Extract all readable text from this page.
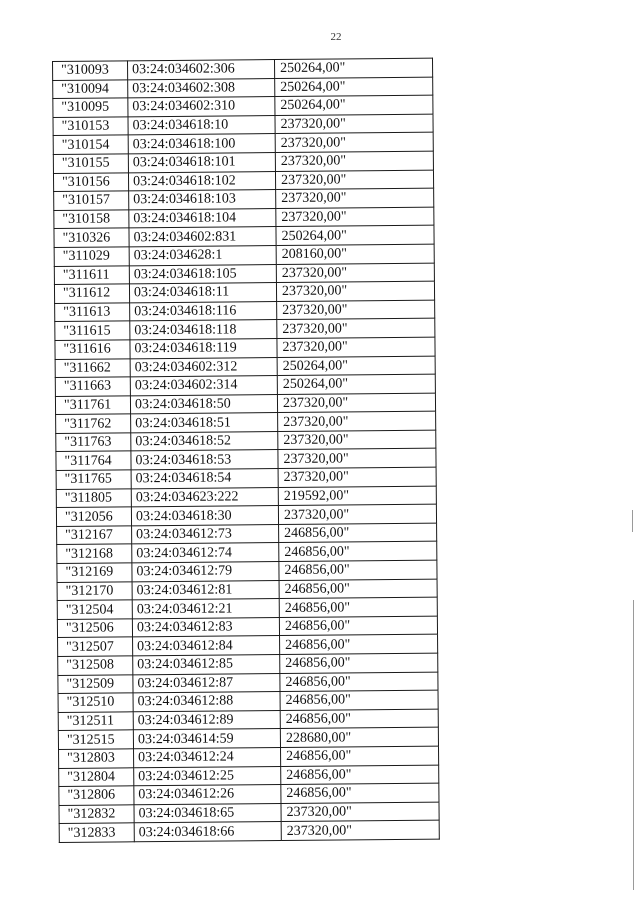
22
"310093	03:24:034602:306	250264,00"
"310094	03:24:034602:308	250264,00"
"310095	03:24:034602:310	250264,00"
"310153	03:24:034618:10	237320,00"
"310154	03:24:034618:100	237320,00"
"310155	03:24:034618:101	237320,00"
"310156	03:24:034618:102	237320,00"
"310157	03:24:034618:103	237320,00"
"310158	03:24:034618:104	237320,00"
"310326	03:24:034602:831	250264,00"
"311029	03:24:034628:1	208160,00"
"311611	03:24:034618:105	237320,00"
"311612	03:24:034618:11	237320,00"
"311613	03:24:034618:116	237320,00"
"311615	03:24:034618:118	237320,00"
"311616	03:24:034618:119	237320,00"
"311662	03:24:034602:312	250264,00"
"311663	03:24:034602:314	250264,00"
"311761	03:24:034618:50	237320,00"
"311762	03:24:034618:51	237320,00"
"311763	03:24:034618:52	237320,00"
"311764	03:24:034618:53	237320,00"
"311765	03:24:034618:54	237320,00"
"311805	03:24:034623:222	219592,00"
"312056	03:24:034618:30	237320,00"
"312167	03:24:034612:73	246856,00"
"312168	03:24:034612:74	246856,00"
"312169	03:24:034612:79	246856,00"
"312170	03:24:034612:81	246856,00"
"312504	03:24:034612:21	246856,00"
"312506	03:24:034612:83	246856,00"
"312507	03:24:034612:84	246856,00"
"312508	03:24:034612:85	246856,00"
"312509	03:24:034612:87	246856,00"
"312510	03:24:034612:88	246856,00"
"312511	03:24:034612:89	246856,00"
"312515	03:24:034614:59	228680,00"
"312803	03:24:034612:24	246856,00"
"312804	03:24:034612:25	246856,00"
"312806	03:24:034612:26	246856,00"
"312832	03:24:034618:65	237320,00"
"312833	03:24:034618:66	237320,00"
